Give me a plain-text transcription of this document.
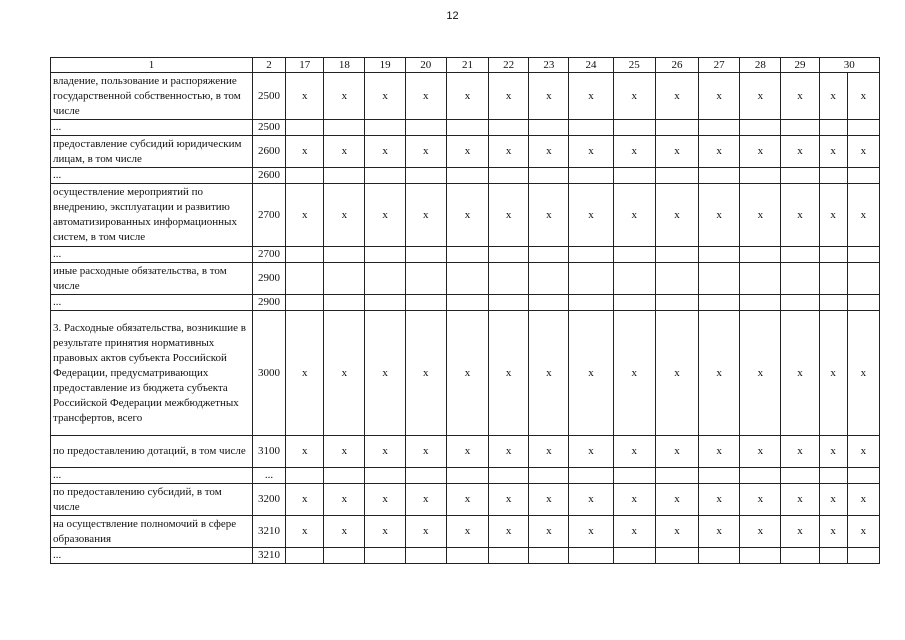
12
1	2	17	18	19	20	21	22	23	24	25	26	27	28	29	30	
владение, пользование и распоряжение государственной собственностью, в том числе	2500	x	x	x	x	x	x	x	x	x	x	x	x	x	x	x
...	2500															
предоставление субсидий юридическим лицам, в том числе	2600	x	x	x	x	x	x	x	x	x	x	x	x	x	x	x
...	2600															
осуществление мероприятий по внедрению, эксплуатации и развитию автоматизированных информационных систем, в том числе	2700	x	x	x	x	x	x	x	x	x	x	x	x	x	x	x
...	2700															
иные расходные обязательства, в том числе	2900															
...	2900															
3. Расходные обязательства, возникшие в результате принятия нормативных правовых актов субъекта Российской Федерации, предусматривающих предоставление из бюджета субъекта Российской Федерации межбюджетных трансфертов, всего	3000	x	x	x	x	x	x	x	x	x	x	x	x	x	x	x
по предоставлению дотаций, в том числе	3100	x	x	x	x	x	x	x	x	x	x	x	x	x	x	x
...	...															
по предоставлению субсидий, в том числе	3200	x	x	x	x	x	x	x	x	x	x	x	x	x	x	x
на осуществление полномочий в сфере образования	3210	x	x	x	x	x	x	x	x	x	x	x	x	x	x	x
...	3210															
